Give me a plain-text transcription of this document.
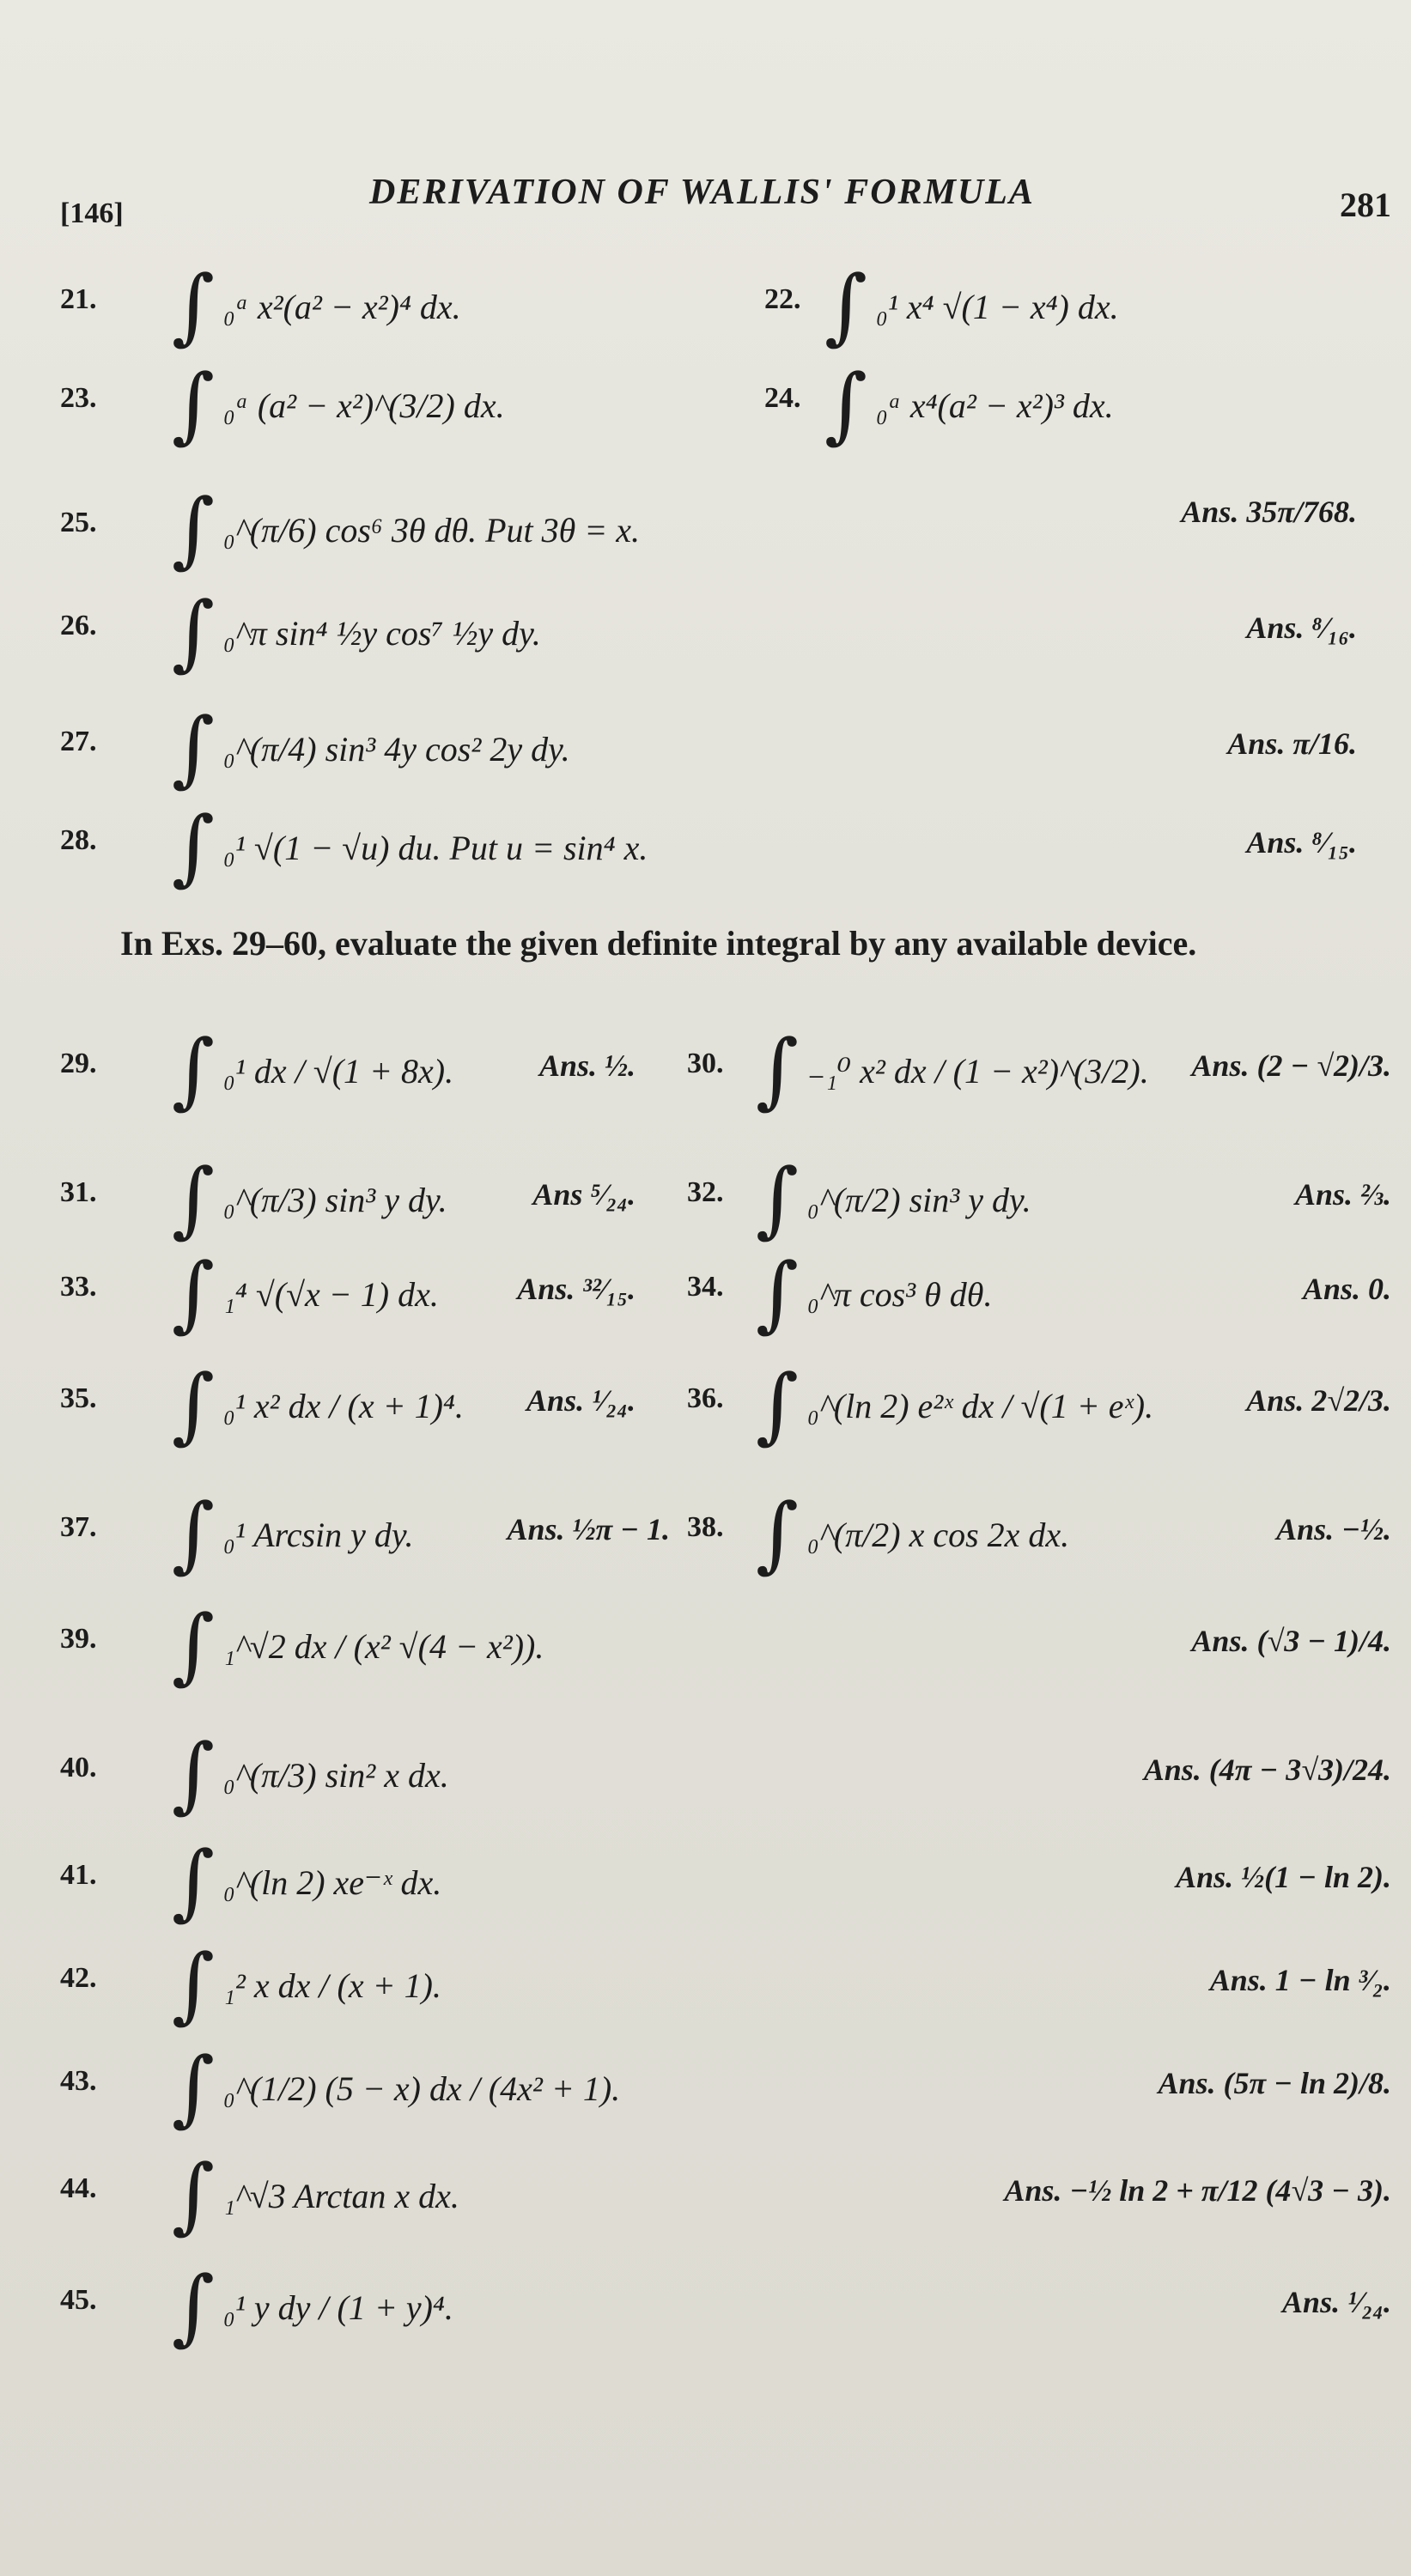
[146]
DERIVATION OF WALLIS' FORMULA	281
21. ∫ ₀ᵃ x²(a² − x²)⁴ dx.	22. ∫ ₀¹ x⁴ √(1 − x⁴) dx.
23. ∫ ₀ᵃ (a² − x²)^(3/2) dx.	24. ∫ ₀ᵃ x⁴(a² − x²)³ dx.
25. ∫ ₀^(π/6) cos⁶ 3θ dθ. Put 3θ = x.	Ans. 35π/768.
26. ∫ ₀^π sin⁴ ½y cos⁷ ½y dy.	Ans. ⁸⁄₁₆.
27. ∫ ₀^(π/4) sin³ 4y cos² 2y dy.	Ans. π/16.
28. ∫ ₀¹ √(1 − √u) du. Put u = sin⁴ x.	Ans. ⁸⁄₁₅.
In Exs. 29–60, evaluate the given definite integral by any available device.
29. ∫ ₀¹ dx / √(1 + 8x).	Ans. ½. 30. ∫ ₋₁⁰ x² dx / (1 − x²)^(3/2).	Ans. (2 − √2)/3.
31. ∫ ₀^(π/3) sin³ y dy.	Ans ⁵⁄₂₄. 32. ∫ ₀^(π/2) sin³ y dy.	Ans. ⅔.
33. ∫ ₁⁴ √(√x − 1) dx.	Ans. ³²⁄₁₅. 34. ∫ ₀^π cos³ θ dθ.	Ans. 0.
35. ∫ ₀¹ x² dx / (x + 1)⁴.	Ans. ¹⁄₂₄. 36. ∫ ₀^(ln 2) e²ˣ dx / √(1 + eˣ).	Ans. 2√2/3.
37. ∫ ₀¹ Arcsin y dy.	Ans. ½π − 1. 38. ∫ ₀^(π/2) x cos 2x dx.	Ans. −½.
39. ∫ ₁^√2 dx / (x² √(4 − x²)).	Ans. (√3 − 1)/4.
40. ∫ ₀^(π/3) sin² x dx.	Ans. (4π − 3√3)/24.
41. ∫ ₀^(ln 2) xe⁻ˣ dx.	Ans. ½(1 − ln 2).
42. ∫ ₁² x dx / (x + 1).	Ans. 1 − ln ³⁄₂.
43. ∫ ₀^(1/2) (5 − x) dx / (4x² + 1).	Ans. (5π − ln 2)/8.
44. ∫ ₁^√3 Arctan x dx.	Ans. −½ ln 2 + π/12 (4√3 − 3).
45. ∫ ₀¹ y dy / (1 + y)⁴.	Ans. ¹⁄₂₄.
